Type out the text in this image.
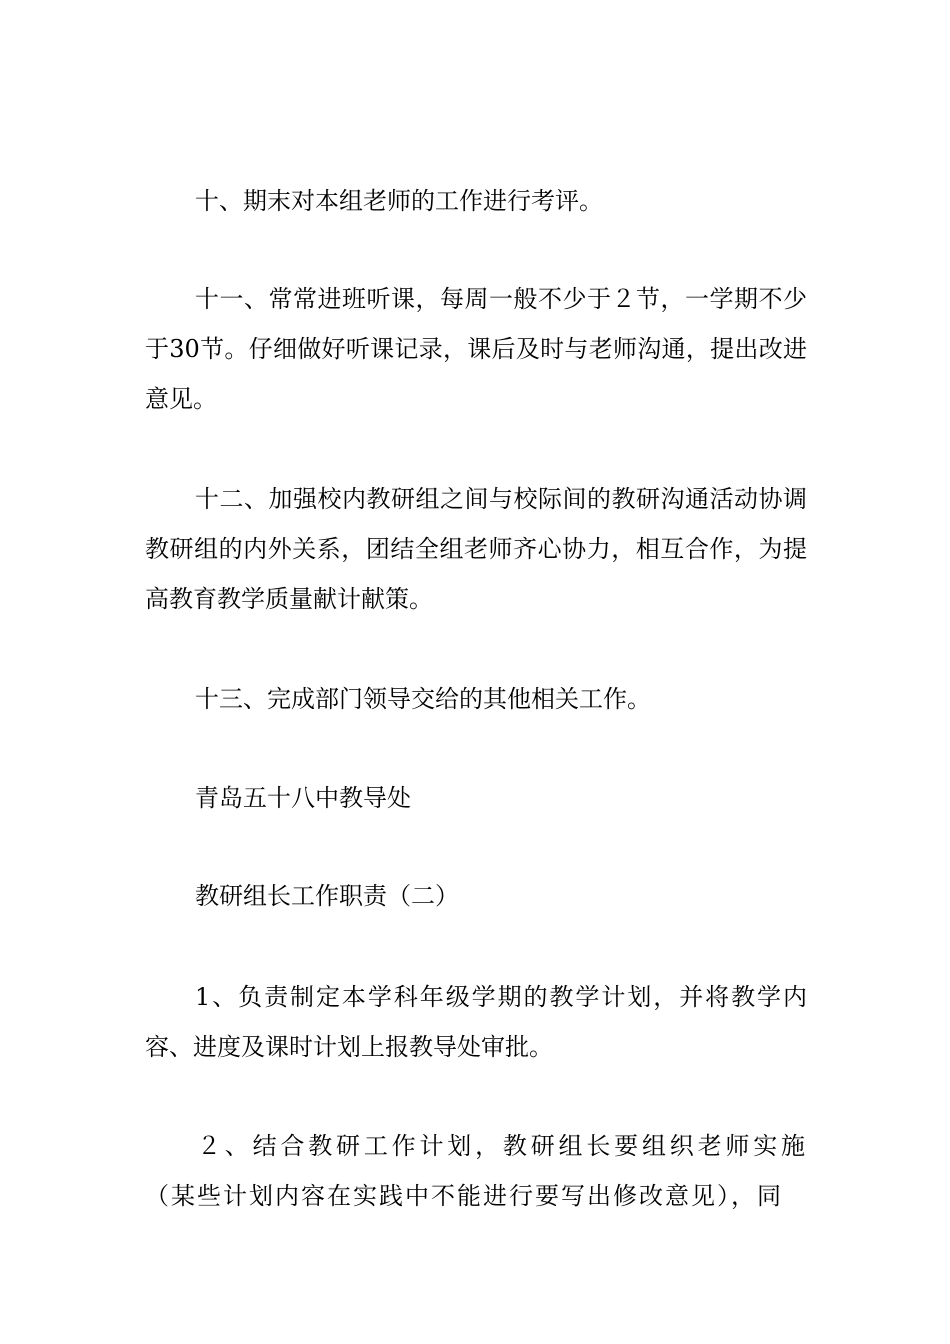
十、期末对本组老师的工作进行考评。

十一、常常进班听课，每周一般不少于２节，一学期不少于30节。仔细做好听课记录，课后及时与老师沟通，提出改进意见。

十二、加强校内教研组之间与校际间的教研沟通活动协调教研组的内外关系，团结全组老师齐心协力，相互合作，为提高教育教学质量献计献策。

十三、完成部门领导交给的其他相关工作。

青岛五十八中教导处

教研组长工作职责（二）

1、负责制定本学科年级学期的教学计划，并将教学内容、进度及课时计划上报教导处审批。

２、结合教研工作计划，教研组长要组织老师实施（某些计划内容在实践中不能进行要写出修改意见），同
